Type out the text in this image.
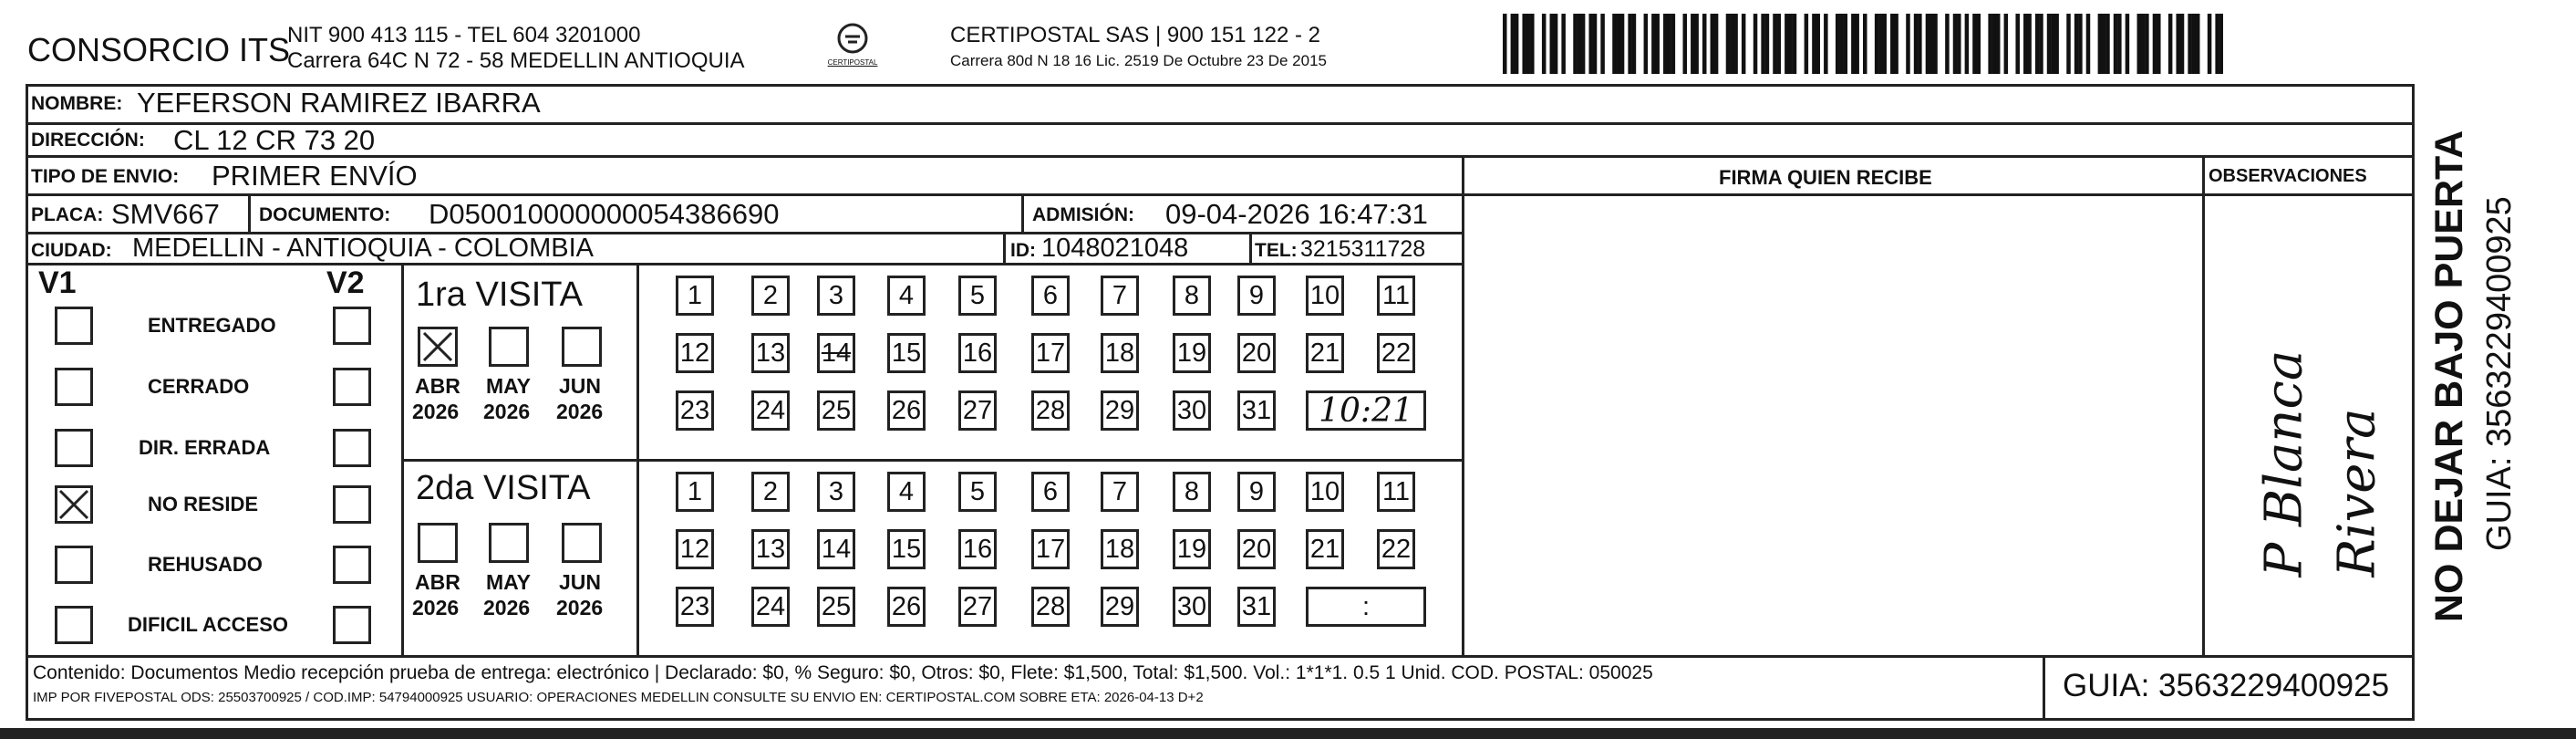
CONSORCIO ITS
NIT 900 413 115 - TEL 604 3201000
Carrera 64C N 72 - 58 MEDELLIN ANTIOQUIA	CERTIPOSTAL
CERTIPOSTAL SAS | 900 151 122 - 2
Carrera 80d N 18 16 Lic. 2519 De Octubre 23 De 2015
NOMBRE: YEFERSON RAMIREZ IBARRA
DIRECCIÓN: CL 12 CR 73 20
TIPO DE ENVIO: PRIMER ENVÍO	FIRMA QUIEN RECIBE	OBSERVACIONES
PLACA: SMV667 DOCUMENTO: D050010000000054386690	ADMISIÓN: 09-04-2026 16:47:31
CIUDAD: MEDELLIN - ANTIOQUIA - COLOMBIA	ID: 1048021048	TEL: 3215311728
V1	V2
ENTREGADO
CERRADO
DIR. ERRADA
NO RESIDE
REHUSADO
DIFICIL ACCESO
1ra VISITA
2da VISITA
1	2	3	4	5	6	7	8	9	10 11
12 13 14 15 16 17 18 19 20 21 22
23 24 25 26 27 28 29 30 31	10:21
ABR
2026
MAY
2026
JUN
2026
1	2	3	4	5	6	7	8	9	10 11
12 13 14 15 16 17 18 19 20 21 22
23 24 25 26 27 28 29 30 31	:
ABR
2026
MAY
2026
JUN
2026
P Blanca Rivera NO DEJAR BAJO PUERTA GUIA: 3563229400925
Contenido: Documentos Medio recepción prueba de entrega: electrónico | Declarado: $0, % Seguro: $0, Otros: $0, Flete: $1,500, Total: $1,500. Vol.: 1*1*1. 0.5 1 Unid. COD. POSTAL: 050025
IMP POR FIVEPOSTAL ODS: 25503700925 / COD.IMP: 54794000925 USUARIO: OPERACIONES MEDELLIN CONSULTE SU ENVIO EN: CERTIPOSTAL.COM SOBRE ETA: 2026-04-13 D+2	GUIA: 3563229400925
